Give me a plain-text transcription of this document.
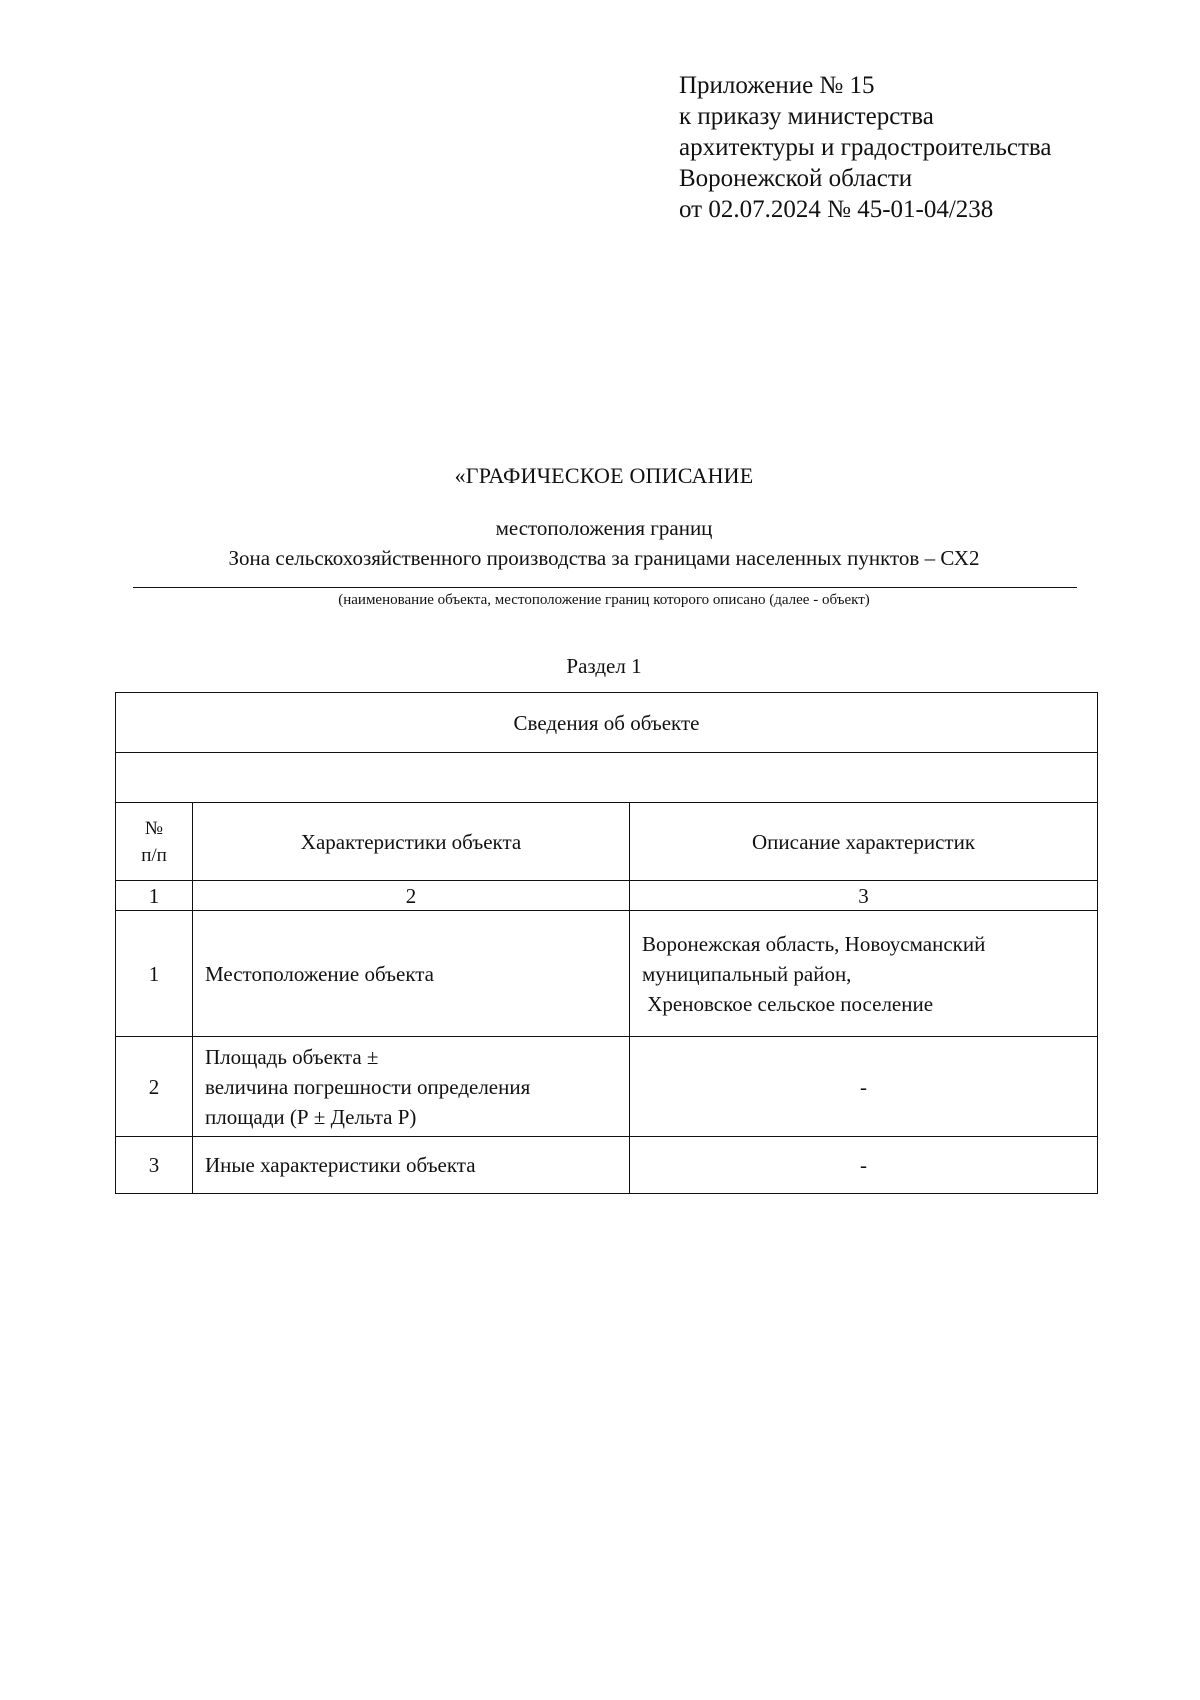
Приложение № 15
к приказу министерства
архитектуры и градостроительства
Воронежской области
от 02.07.2024 № 45-01-04/238
«ГРАФИЧЕСКОЕ ОПИСАНИЕ
местоположения границ
Зона сельскохозяйственного производства за границами населенных пунктов – СХ2
(наименование объекта, местоположение границ которого описано (далее - объект)
Раздел 1
Сведения об объекте		

№
п/п	Характеристики объекта	Описание характеристик
1	2	3
1	Местоположение объекта	Воронежская область, Новоусманский
муниципальный район,
Хреновское сельское поселение

2	Площадь объекта ±
величина погрешности определения
площади (Р ± Дельта Р)	-

3	Иные характеристики объекта	-
